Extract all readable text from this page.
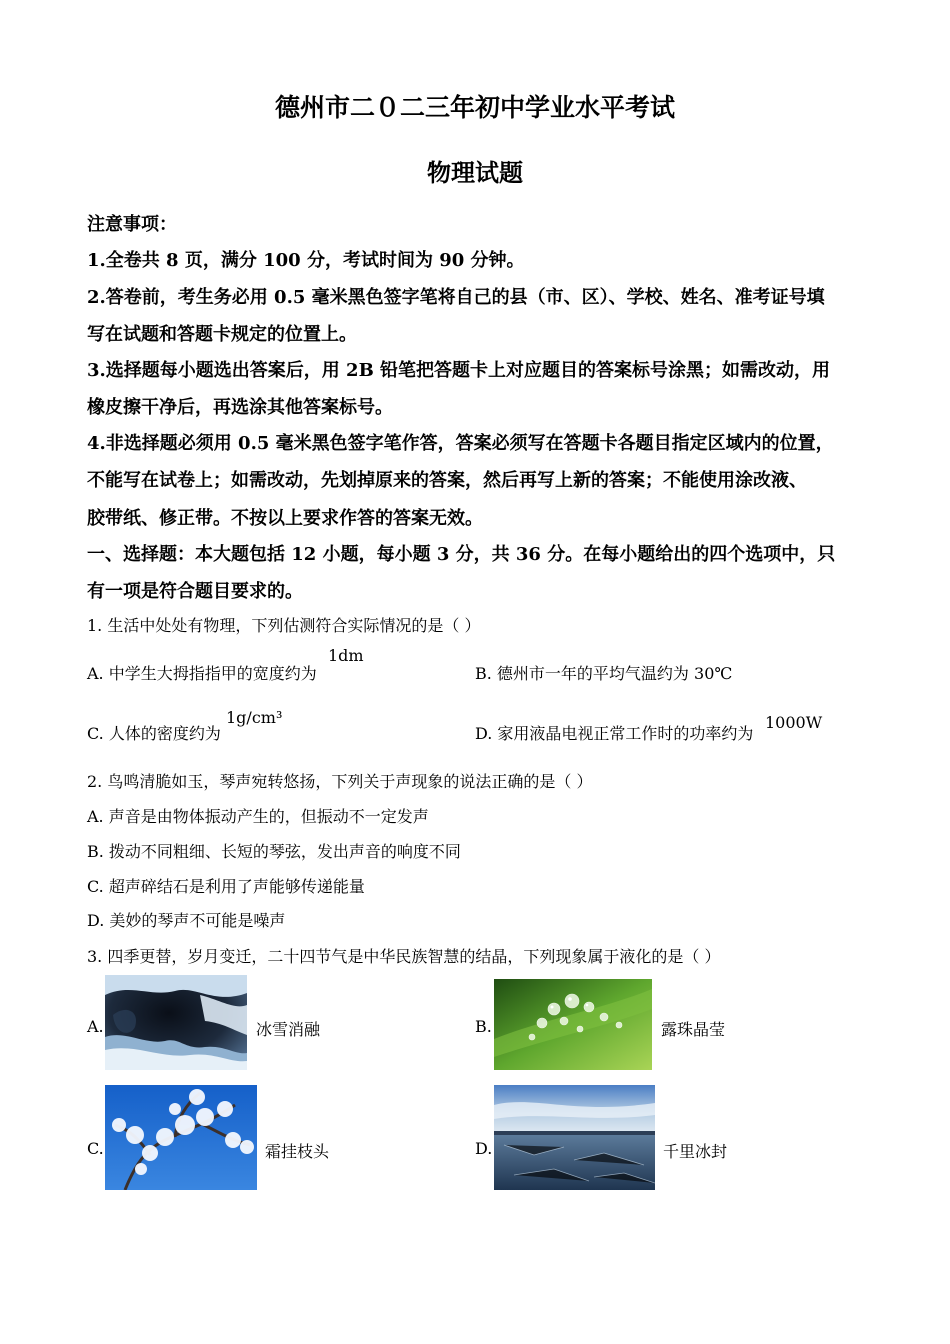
德州市二０二三年初中学业水平考试
物理试题
注意事项：
1.全卷共 8 页，满分 100 分，考试时间为 90 分钟。
2.答卷前，考生务必用 0.5 毫米黑色签字笔将自己的县（市、区）、学校、姓名、准考证号填
写在试题和答题卡规定的位置上。
3.选择题每小题选出答案后，用 2B 铅笔把答题卡上对应题目的答案标号涂黑；如需改动，用
橡皮擦干净后，再选涂其他答案标号。
4.非选择题必须用 0.5 毫米黑色签字笔作答，答案必须写在答题卡各题目指定区域内的位置，
不能写在试卷上；如需改动，先划掉原来的答案，然后再写上新的答案；不能使用涂改液、
胶带纸、修正带。不按以上要求作答的答案无效。
一、选择题：本大题包括 12 小题，每小题 3 分，共 36 分。在每小题给出的四个选项中，只
有一项是符合题目要求的。
1. 生活中处处有物理，下列估测符合实际情况的是（ ）
A. 中学生大拇指指甲的宽度约为
1dm
B. 德州市一年的平均气温约为 30℃
C. 人体的密度约为
1g/cm³
D. 家用液晶电视正常工作时的功率约为
1000W
2. 鸟鸣清脆如玉，琴声宛转悠扬，下列关于声现象的说法正确的是（ ）
A. 声音是由物体振动产生的，但振动不一定发声
B. 拨动不同粗细、长短的琴弦，发出声音的响度不同
C. 超声碎结石是利用了声能够传递能量
D. 美妙的琴声不可能是噪声
3. 四季更替，岁月变迁，二十四节气是中华民族智慧的结晶，下列现象属于液化的是（ ）
A.	冰雪消融	B.	露珠晶莹
C.	霜挂枝头	D.	千里冰封
